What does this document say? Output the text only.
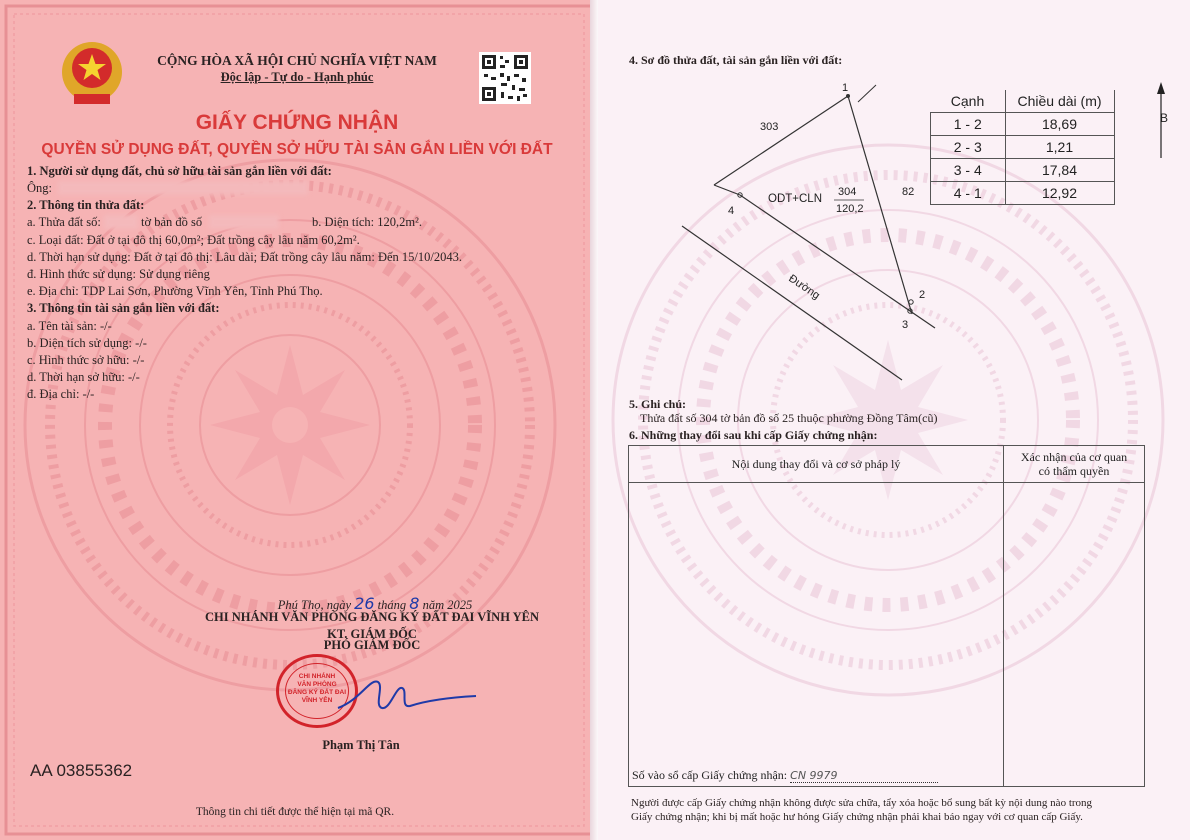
CỘNG HÒA XÃ HỘI CHỦ NGHĨA VIỆT NAM
Độc lập - Tự do - Hạnh phúc
GIẤY CHỨNG NHẬN
QUYỀN SỬ DỤNG ĐẤT, QUYỀN SỞ HỮU TÀI SẢN GẮN LIỀN VỚI ĐẤT
1. Người sử dụng đất, chủ sở hữu tài sản gắn liền với đất:
Ông:
2. Thông tin thửa đất:
a. Thửa đất số:	tờ bản đồ số	b. Diện tích: 120,2m².
c. Loại đất: Đất ở tại đô thị 60,0m²; Đất trồng cây lâu năm 60,2m².
d. Thời hạn sử dụng: Đất ở tại đô thị: Lâu dài; Đất trồng cây lâu năm: Đến 15/10/2043.
đ. Hình thức sử dụng: Sử dụng riêng
e. Địa chỉ: TDP Lai Sơn, Phường Vĩnh Yên, Tỉnh Phú Thọ.
3. Thông tin tài sản gắn liền với đất:
a. Tên tài sản: -/-
b. Diện tích sử dụng: -/-
c. Hình thức sở hữu: -/-
d. Thời hạn sở hữu: -/-
đ. Địa chỉ: -/-
Phú Thọ, ngày 26 tháng 8 năm 2025
CHI NHÁNH VĂN PHÒNG ĐĂNG KÝ ĐẤT ĐAI VĨNH YÊN
KT. GIÁM ĐỐC
PHÓ GIÁM ĐỐC
CHI NHÁNH
VĂN PHÒNG
ĐĂNG KÝ ĐẤT ĐAI
VĨNH YÊN
Phạm Thị Tân
AA 03855362
Thông tin chi tiết được thể hiện tại mã QR.
4. Sơ đồ thửa đất, tài sản gắn liền với đất:
1
2
3
4
303
82
ODT+CLN
304
120,2
Đường
Cạnh	Chiều dài (m)
1 - 2	18,69
2 - 3	1,21
3 - 4	17,84
4 - 1	12,92
B
5. Ghi chú:
Thửa đất số 304 tờ bản đồ số 25 thuộc phường Đồng Tâm(cũ)
6. Những thay đổi sau khi cấp Giấy chứng nhận:
Nội dung thay đổi và cơ sở pháp lý	Xác nhận của cơ quan
có thẩm quyền

Số vào sổ cấp Giấy chứng nhận: CN 9979	

Người được cấp Giấy chứng nhận không được sửa chữa, tẩy xóa hoặc bổ sung bất kỳ nội dung nào trong
Giấy chứng nhận; khi bị mất hoặc hư hỏng Giấy chứng nhận phải khai báo ngay với cơ quan cấp Giấy.
